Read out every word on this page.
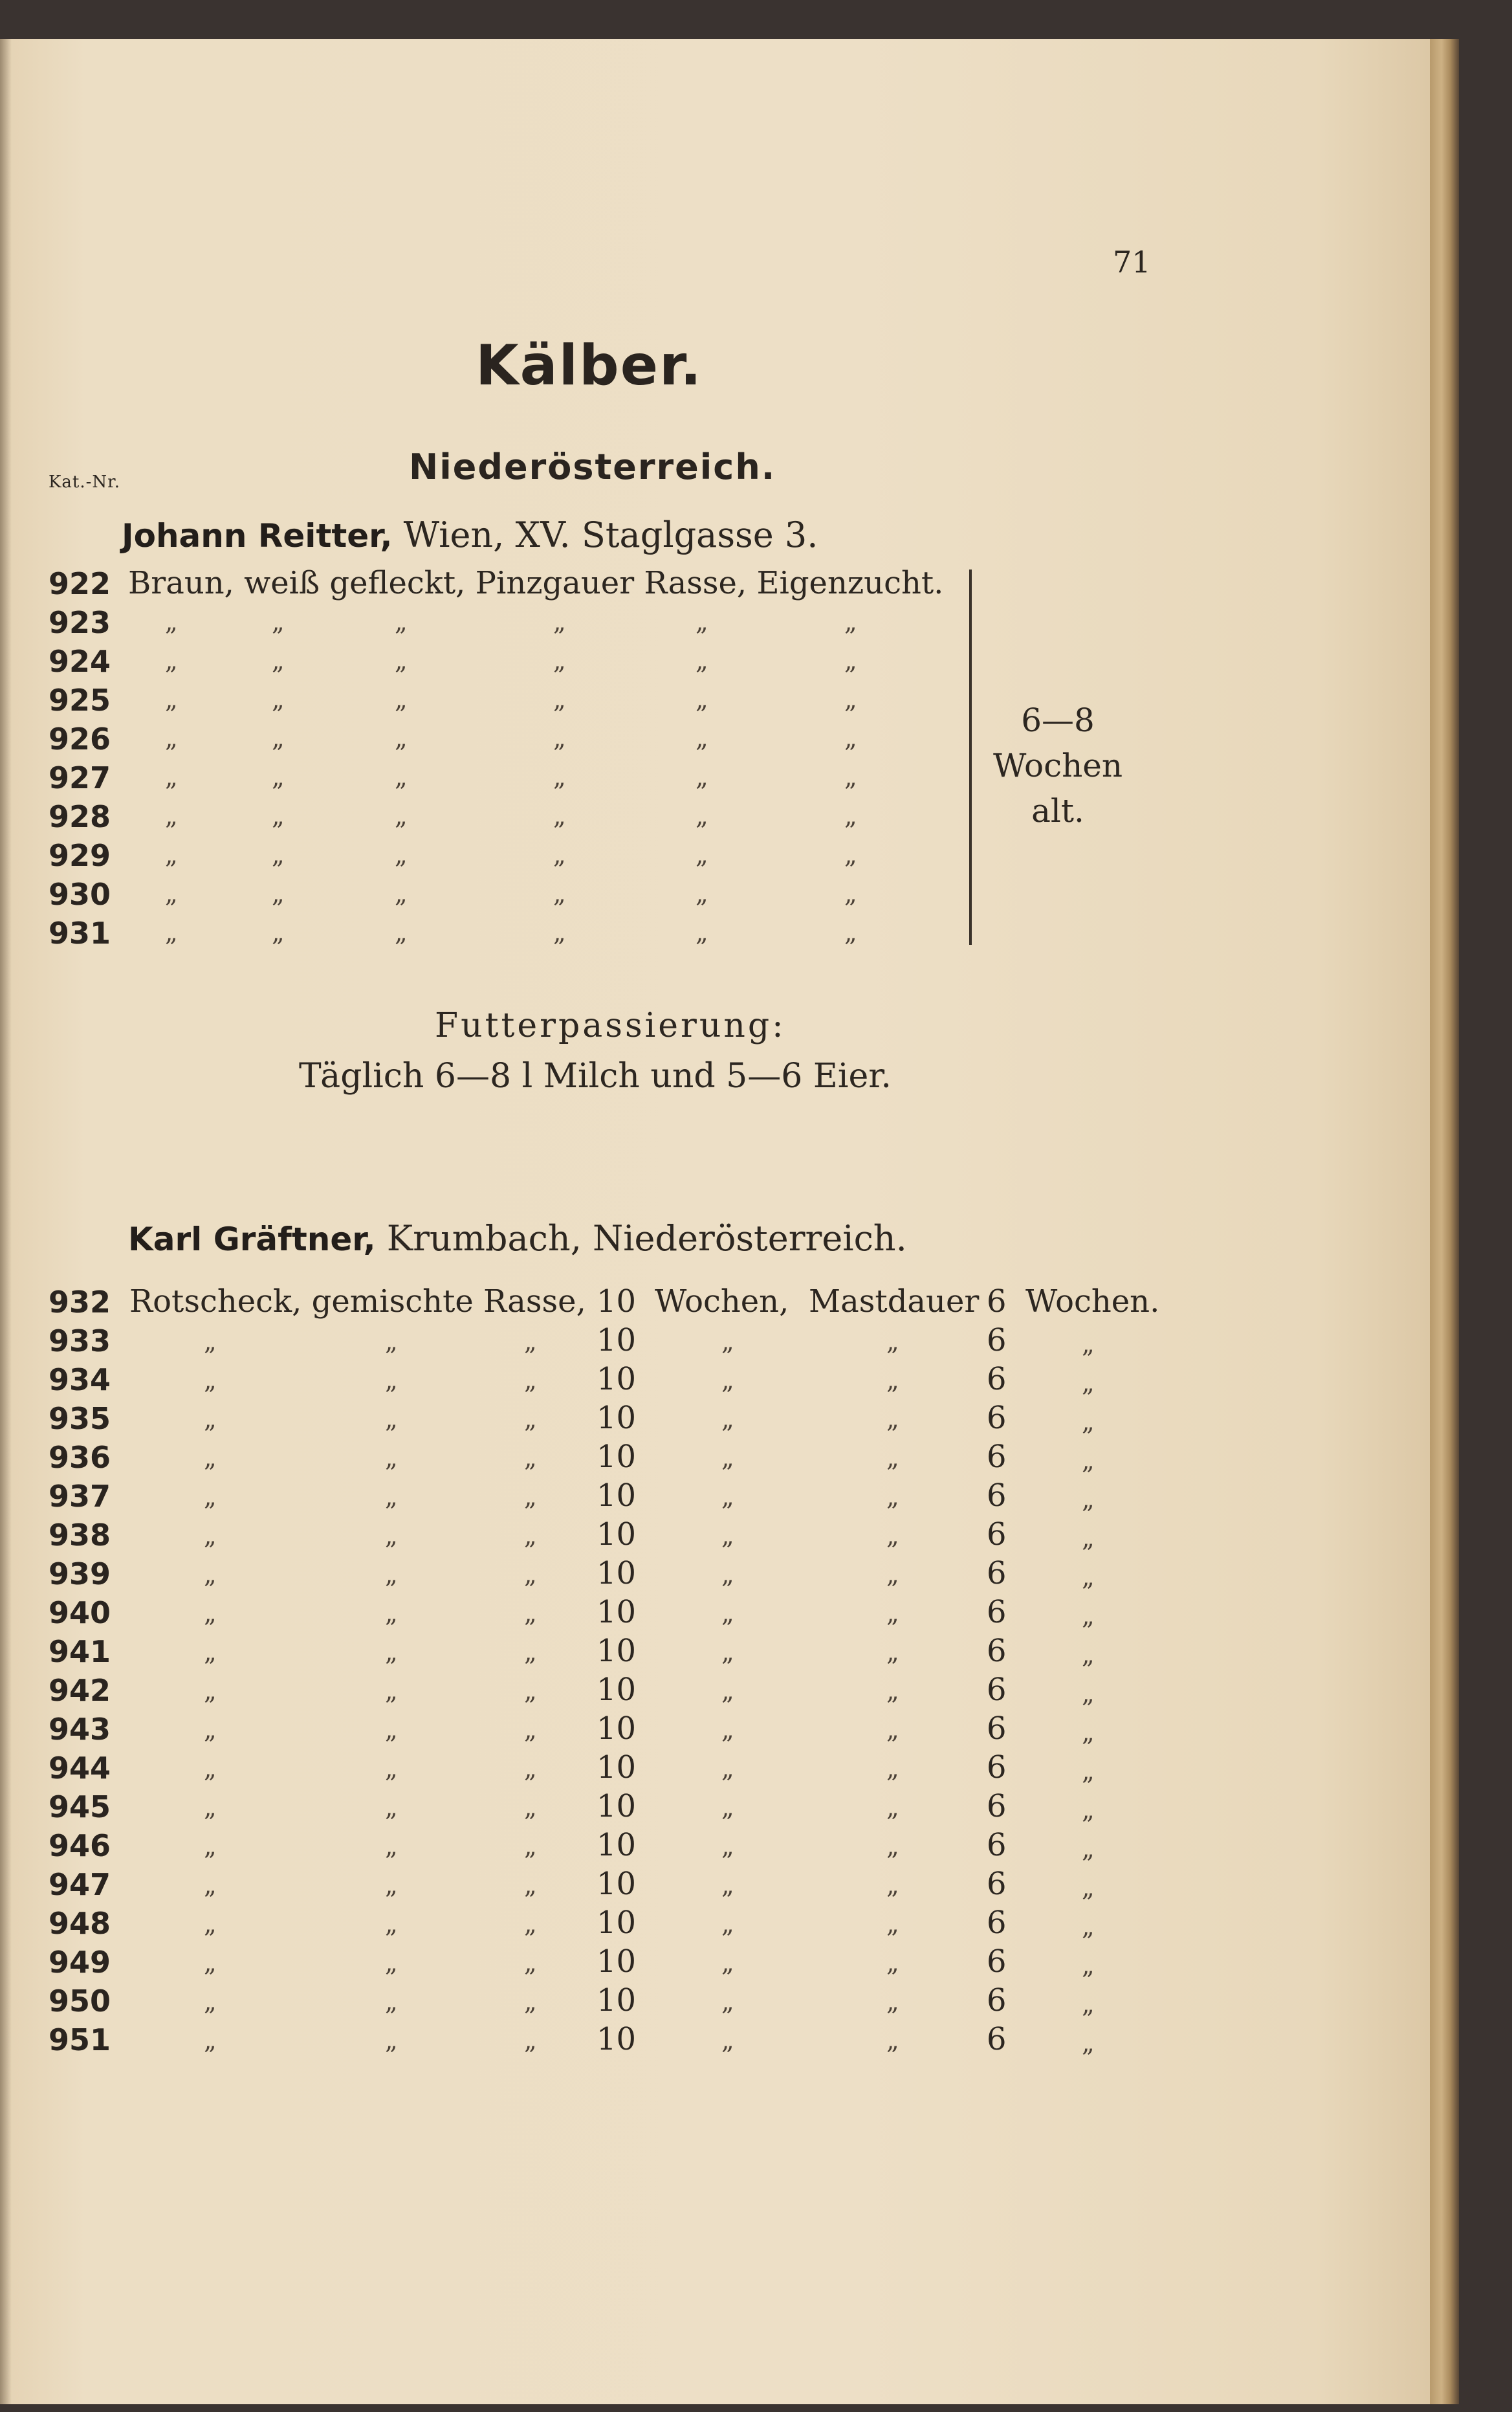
71
Kälber.
Kat.-Nr.	Niederösterreich.
Johann Reitter, Wien, XV. Staglgasse 3.
922 Braun, weiß gefleckt, Pinzgauer Rasse, Eigenzucht.
923 „	„	„	„	„	„
924 „	„	„	„	„	„
925 „	„	„	„	„	„
926 „	„	„	„	„	„
927 „	„	„	„	„	„
928 „	„	„	„	„	„
929 „	„	„	„	„	„
930 „	„	„	„	„	„
931 „	„	„	„	„	„
6—8
Wochen
alt.
Futterpassierung:
Täglich 6—8 l Milch und 5—6 Eier.
Karl Gräftner, Krumbach, Niederösterreich.
932 Rotscheck, gemischte Rasse, 10 Wochen, Mastdauer 6 Wochen.
933	„	„	„ 10	„	„	6	„
934	„	„	„ 10	„	„	6	„
935	„	„	„ 10	„	„	6	„
936	„	„	„ 10	„	„	6	„
937	„	„	„ 10	„	„	6	„
938	„	„	„ 10	„	„	6	„
939	„	„	„ 10	„	„	6	„
940	„	„	„ 10	„	„	6	„
941	„	„	„ 10	„	„	6	„
942	„	„	„ 10	„	„	6	„
943	„	„	„ 10	„	„	6	„
944	„	„	„ 10	„	„	6	„
945	„	„	„ 10	„	„	6	„
946	„	„	„ 10	„	„	6	„
947	„	„	„ 10	„	„	6	„
948	„	„	„ 10	„	„	6	„
949	„	„	„ 10	„	„	6	„
950	„	„	„ 10	„	„	6	„
951	„	„	„ 10	„	„	6	„
